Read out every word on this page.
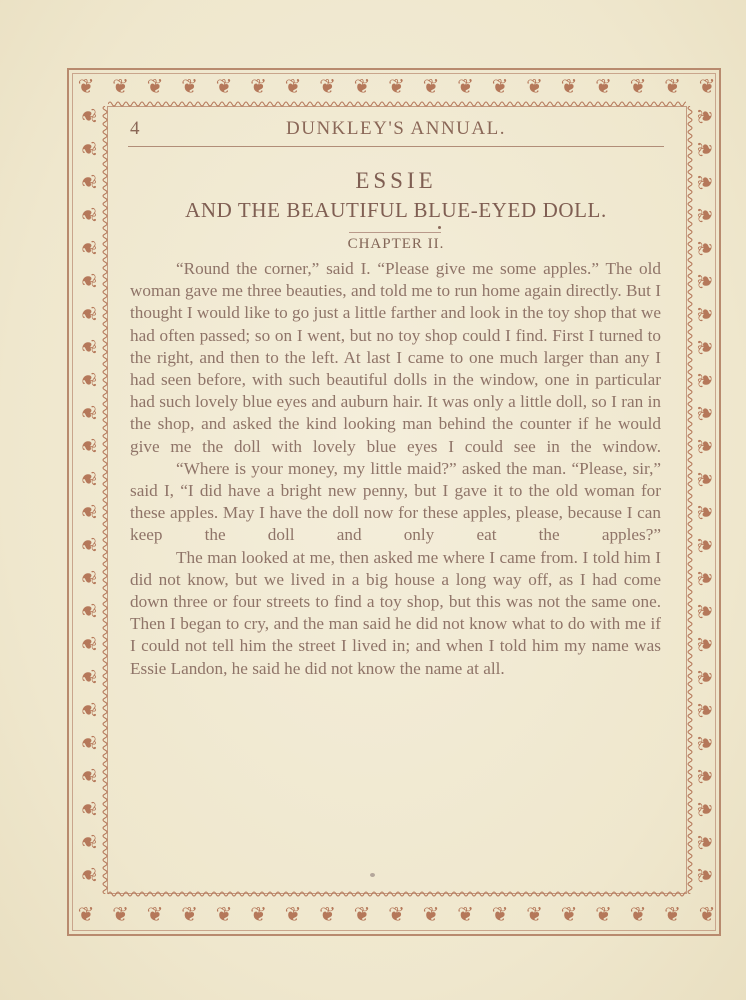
❦ ❦ ❦ ❦ ❦ ❦ ❦ ❦ ❦ ❦ ❦ ❦ ❦ ❦ ❦ ❦ ❦ ❦ ❦
❦ ❦ ❦ ❦ ❦ ❦ ❦ ❦ ❦ ❦ ❦ ❦ ❦ ❦ ❦ ❦ ❦ ❦ ❦
❦
❦
❦
❦
❦
❦
❦
❦
❦
❦
❦
❦
❦
❦
❦
❦
❦
❦
❦
❦
❦
❦
❦
❦
❦
❦
❦
❦
❦
❦
❦
❦
❦
❦
❦
❦
❦
❦
❦
❦
❦
❦
❦
❦
❦
❦
❦
❦
4	DUNKLEY'S ANNUAL.
ESSIE
AND THE BEAUTIFUL BLUE-EYED DOLL.
CHAPTER II.

“Round the corner,” said I. “Please give me some apples.” The old woman gave me three beauties, and told me to run home again directly. But I thought I would like to go just a little farther and look in the toy shop that we had often passed; so on I went, but no toy shop could I find. First I turned to the right, and then to the left. At last I came to one much larger than any I had seen before, with such beautiful dolls in the window, one in particular had such lovely blue eyes and auburn hair. It was only a little doll, so I ran in the shop, and asked the kind looking man behind the counter if he would give me the doll with lovely blue eyes I could see in the window.

“Where is your money, my little maid?” asked the man. “Please, sir,” said I, “I did have a bright new penny, but I gave it to the old woman for these apples. May I have the doll now for these apples, please, because I can keep the doll and only eat the apples?”

The man looked at me, then asked me where I came from. I told him I did not know, but we lived in a big house a long way off, as I had come down three or four streets to find a toy shop, but this was not the same one. Then I began to cry, and the man said he did not know what to do with me if I could not tell him the street I lived in; and when I told him my name was Essie Landon, he said he did not know the name at all.
